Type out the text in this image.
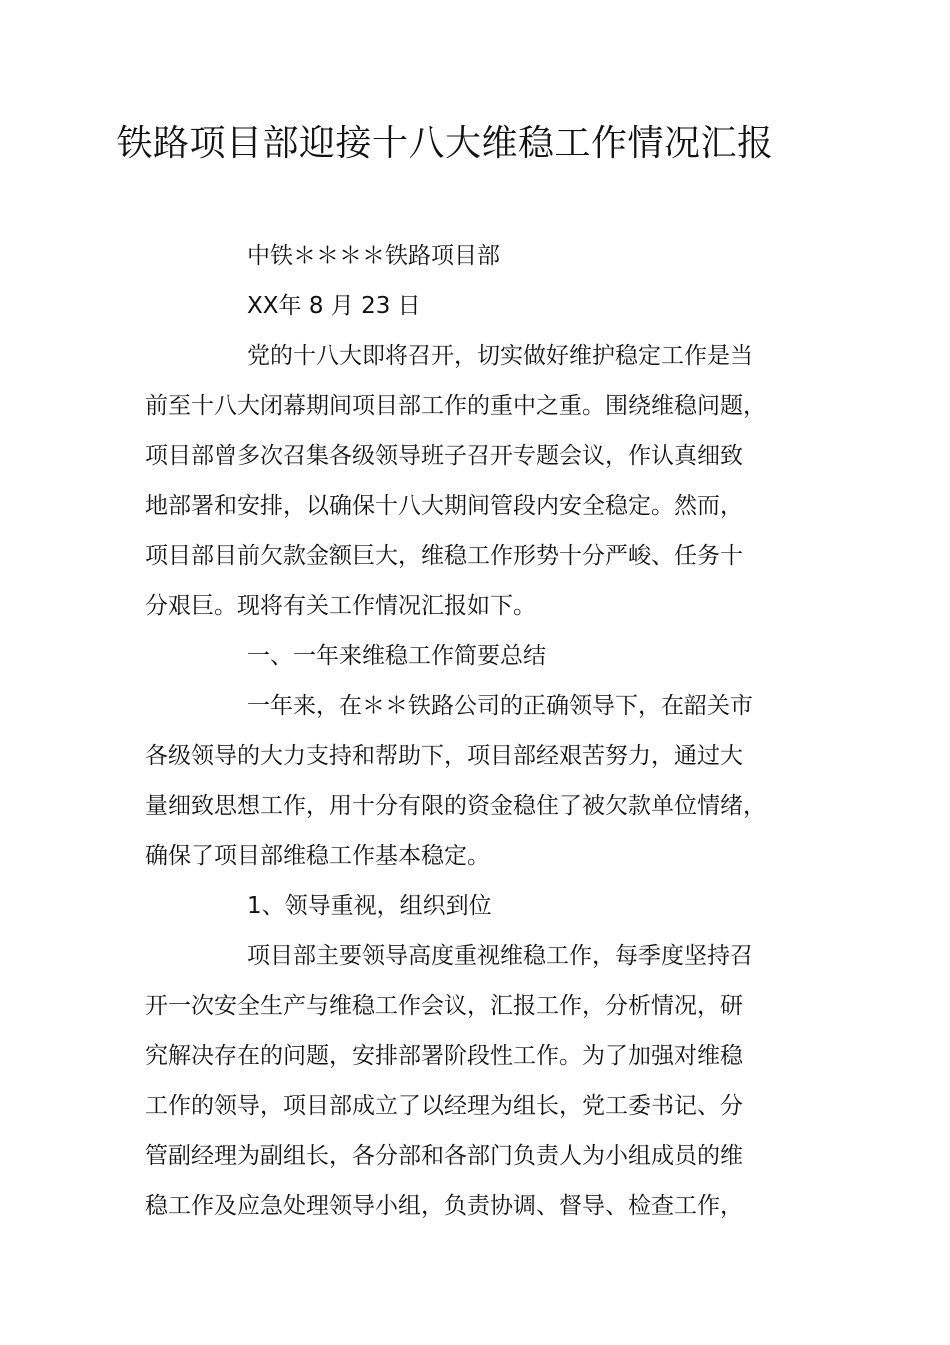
铁路项目部迎接十八大维稳工作情况汇报
中铁＊＊＊＊铁路项目部
XX年 8 月 23 日
党的十八大即将召开，切实做好维护稳定工作是当
前至十八大闭幕期间项目部工作的重中之重。围绕维稳问题，
项目部曾多次召集各级领导班子召开专题会议，作认真细致
地部署和安排，以确保十八大期间管段内安全稳定。然而，
项目部目前欠款金额巨大，维稳工作形势十分严峻、任务十
分艰巨。现将有关工作情况汇报如下。
一、一年来维稳工作简要总结
一年来，在＊＊铁路公司的正确领导下，在韶关市
各级领导的大力支持和帮助下，项目部经艰苦努力，通过大
量细致思想工作，用十分有限的资金稳住了被欠款单位情绪，
确保了项目部维稳工作基本稳定。
1、领导重视，组织到位
项目部主要领导高度重视维稳工作，每季度坚持召
开一次安全生产与维稳工作会议，汇报工作，分析情况，研
究解决存在的问题，安排部署阶段性工作。为了加强对维稳
工作的领导，项目部成立了以经理为组长，党工委书记、分
管副经理为副组长，各分部和各部门负责人为小组成员的维
稳工作及应急处理领导小组，负责协调、督导、检查工作，
